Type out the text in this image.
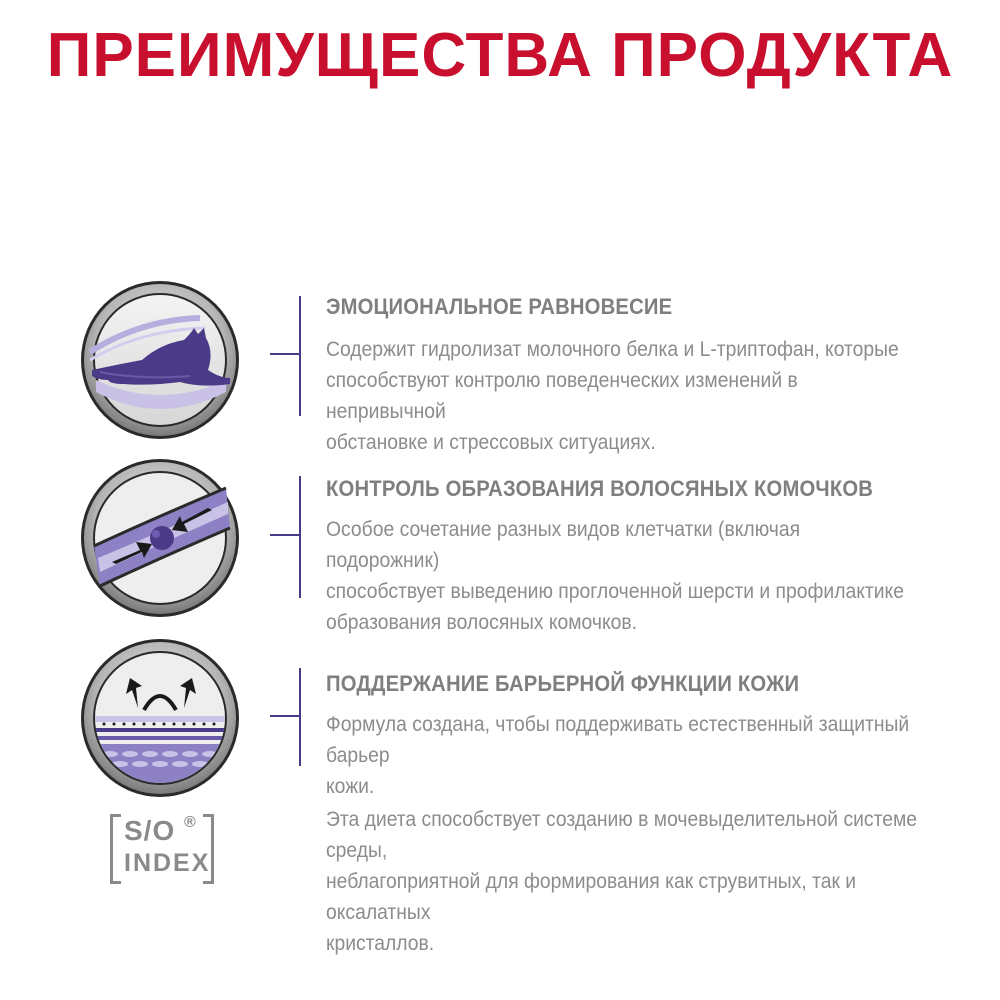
ПРЕИМУЩЕСТВА ПРОДУКТА
ЭМОЦИОНАЛЬНОЕ РАВНОВЕСИЕ
Содержит гидролизат молочного белка и L-триптофан, которые
способствуют контролю поведенческих изменений в непривычной
обстановке и стрессовых ситуациях.
КОНТРОЛЬ ОБРАЗОВАНИЯ ВОЛОСЯНЫХ КОМОЧКОВ
Особое сочетание разных видов клетчатки (включая подорожник)
способствует выведению проглоченной шерсти и профилактике
образования волосяных комочков.
ПОДДЕРЖАНИЕ БАРЬЕРНОЙ ФУНКЦИИ КОЖИ
Формула создана, чтобы поддерживать естественный защитный барьер
кожи.
S/O ®
INDEX
Эта диета способствует созданию в мочевыделительной системе среды,
неблагоприятной для формирования как струвитных, так и оксалатных
кристаллов.
